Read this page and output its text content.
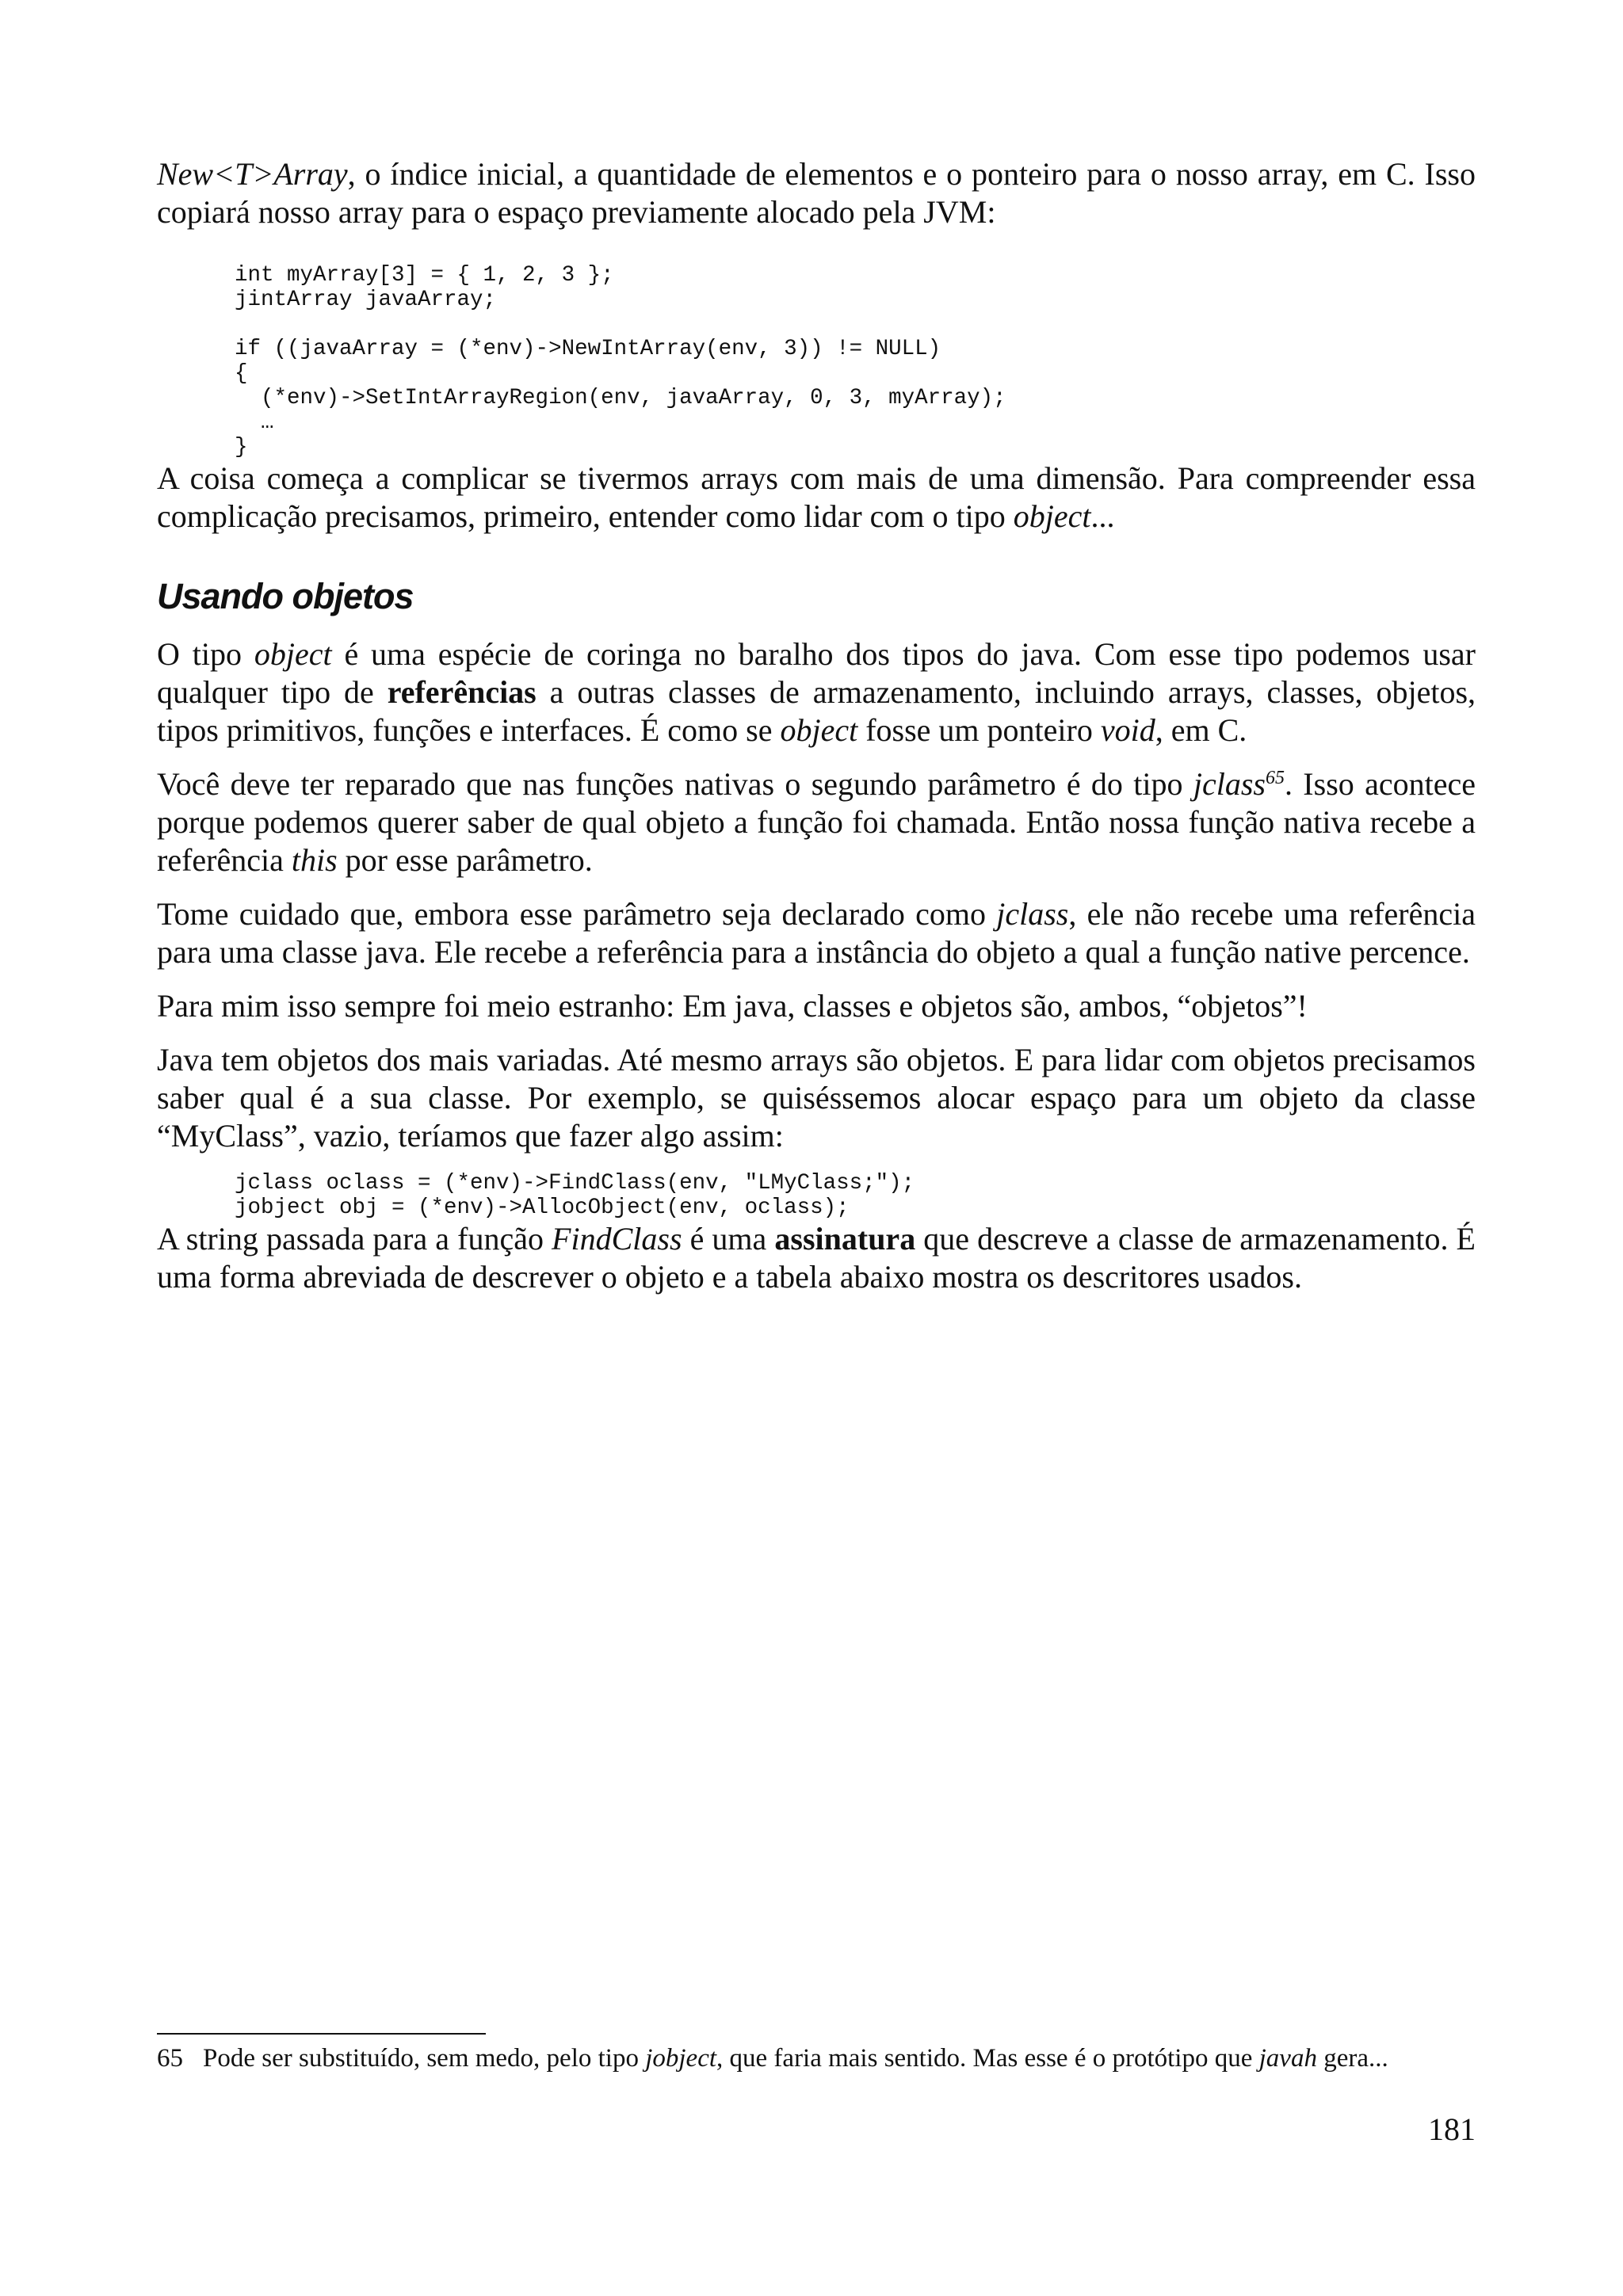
New<T>Array, o índice inicial, a quantidade de elementos e o ponteiro para o nosso array, em C. Isso copiará nosso array para o espaço previamente alocado pela JVM:

int myArray[3] = { 1, 2, 3 };
jintArray javaArray;
if ((javaArray = (*env)->NewIntArray(env, 3)) != NULL)
{
(*env)->SetIntArrayRegion(env, javaArray, 0, 3, myArray);
…
}

A coisa começa a complicar se tivermos arrays com mais de uma dimensão. Para compreender essa complicação precisamos, primeiro, entender como lidar com o tipo object...

Usando objetos

O tipo object é uma espécie de coringa no baralho dos tipos do java. Com esse tipo podemos usar qualquer tipo de referências a outras classes de armazenamento, incluindo arrays, classes, objetos, tipos primitivos, funções e interfaces. É como se object fosse um ponteiro void, em C.

Você deve ter reparado que nas funções nativas o segundo parâmetro é do tipo jclass$^{65}$. Isso acontece porque podemos querer saber de qual objeto a função foi chamada. Então nossa função nativa recebe a referência this por esse parâmetro.

Tome cuidado que, embora esse parâmetro seja declarado como jclass, ele não recebe uma referência para uma classe java. Ele recebe a referência para a instância do objeto a qual a função native percence.

Para mim isso sempre foi meio estranho: Em java, classes e objetos são, ambos, “objetos”!

Java tem objetos dos mais variadas. Até mesmo arrays são objetos. E para lidar com objetos precisamos saber qual é a sua classe. Por exemplo, se quiséssemos alocar espaço para um objeto da classe “MyClass”, vazio, teríamos que fazer algo assim:

jclass oclass = (*env)->FindClass(env, "LMyClass;");
jobject obj = (*env)->AllocObject(env, oclass);

A string passada para a função FindClass é uma assinatura que descreve a classe de armazenamento. É uma forma abreviada de descrever o objeto e a tabela abaixo mostra os descritores usados.

65 Pode ser substituído, sem medo, pelo tipo jobject, que faria mais sentido. Mas esse é o protótipo que javah gera...
181
